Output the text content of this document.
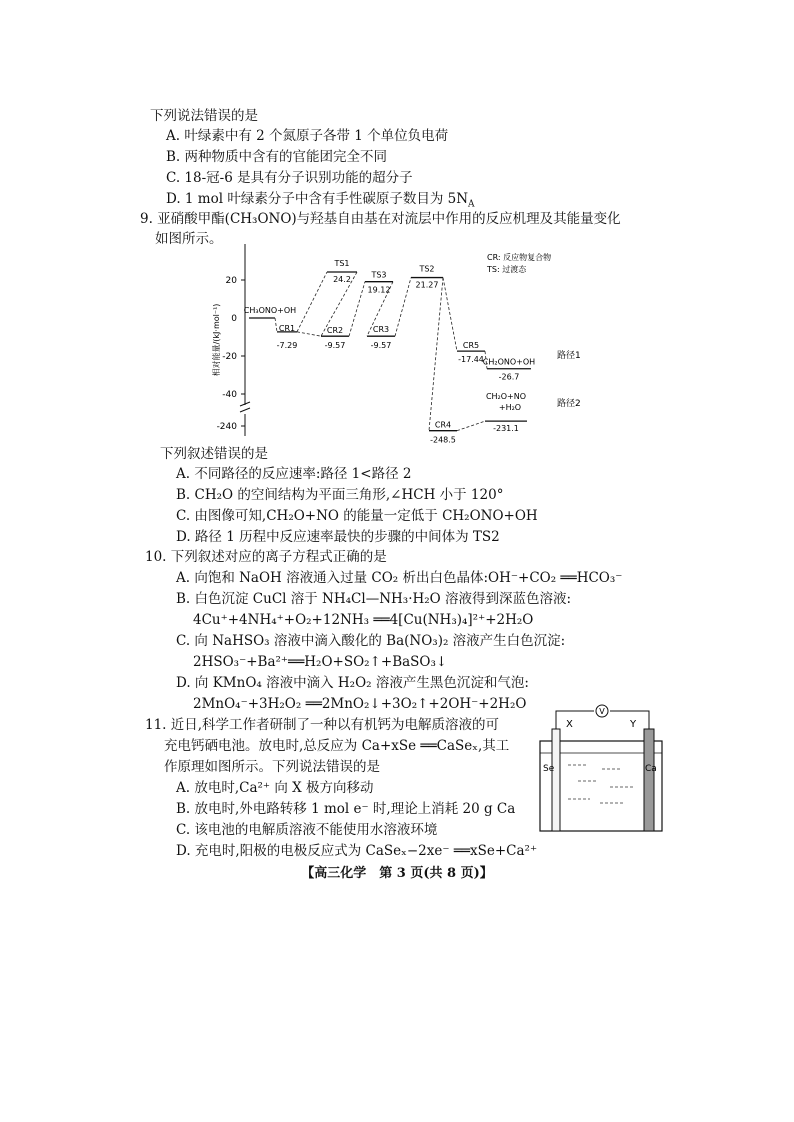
下列说法错误的是
A. 叶绿素中有 2 个氮原子各带 1 个单位负电荷
B. 两种物质中含有的官能团完全不同
C. 18-冠-6 是具有分子识别功能的超分子
D. 1 mol 叶绿素分子中含有手性碳原子数目为 $5N_A$
9. 亚硝酸甲酯(CH₃ONO)与羟基自由基在对流层中作用的反应机理及其能量变化
如图所示。
20
0
-20
-40
-240
相对能量/(kJ·mol⁻¹)	CH₃ONO+OH
CR1
-7.29
TS1
24.2
CR2
-9.57
TS3
19.12
CR3
-9.57
TS2
21.27
CR5
-17.44
CH₂ONO+OH
-26.7
CR4
-248.5
CH₂O+NO
+H₂O
-231.1
CR: 反应物复合物
TS: 过渡态
路径1
路径2
下列叙述错误的是
A. 不同路径的反应速率:路径 1<路径 2
B. CH₂O 的空间结构为平面三角形,∠HCH 小于 120°
C. 由图像可知,CH₂O+NO 的能量一定低于 CH₂ONO+OH
D. 路径 1 历程中反应速率最快的步骤的中间体为 TS2
10. 下列叙述对应的离子方程式正确的是
A. 向饱和 NaOH 溶液通入过量 CO₂ 析出白色晶体:OH⁻+CO₂ ══HCO₃⁻
B. 白色沉淀 CuCl 溶于 NH₄Cl—NH₃·H₂O 溶液得到深蓝色溶液:
4Cu⁺+4NH₄⁺+O₂+12NH₃ ══4[Cu(NH₃)₄]²⁺+2H₂O
C. 向 NaHSO₃ 溶液中滴入酸化的 Ba(NO₃)₂ 溶液产生白色沉淀:
2HSO₃⁻+Ba²⁺══H₂O+SO₂↑+BaSO₃↓
D. 向 KMnO₄ 溶液中滴入 H₂O₂ 溶液产生黑色沉淀和气泡:
2MnO₄⁻+3H₂O₂ ══2MnO₂↓+3O₂↑+2OH⁻+2H₂O
11. 近日,科学工作者研制了一种以有机钙为电解质溶液的可
充电钙硒电池。放电时,总反应为 Ca+xSe ══CaSeₓ,其工
作原理如图所示。下列说法错误的是
A. 放电时,Ca²⁺ 向 X 极方向移动
B. 放电时,外电路转移 1 mol e⁻ 时,理论上消耗 20 g Ca
C. 该电池的电解质溶液不能使用水溶液环境
D. 充电时,阳极的电极反应式为 CaSeₓ−2xe⁻ ══xSe+Ca²⁺
V
X	Y
Se	Ca
【高三化学　第 3 页(共 8 页)】
